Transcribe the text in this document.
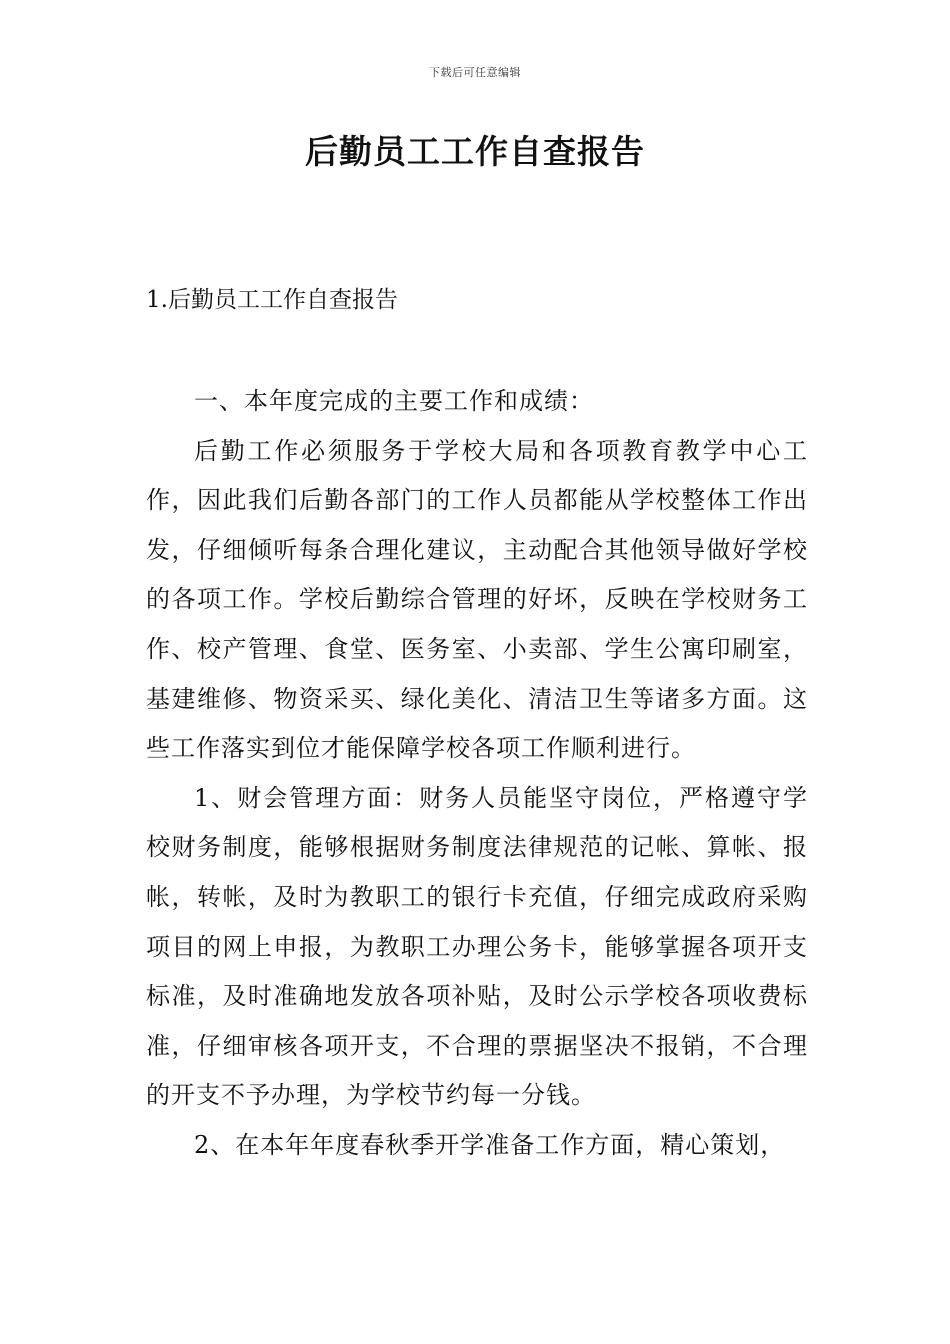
下载后可任意编辑
后勤员工工作自查报告
1.后勤员工工作自查报告

一、本年度完成的主要工作和成绩：

后勤工作必须服务于学校大局和各项教育教学中心工作，因此我们后勤各部门的工作人员都能从学校整体工作出发，仔细倾听每条合理化建议，主动配合其他领导做好学校的各项工作。学校后勤综合管理的好坏，反映在学校财务工作、校产管理、食堂、医务室、小卖部、学生公寓印刷室，基建维修、物资采买、绿化美化、清洁卫生等诸多方面。这些工作落实到位才能保障学校各项工作顺利进行。

1、财会管理方面：财务人员能坚守岗位，严格遵守学校财务制度，能够根据财务制度法律规范的记帐、算帐、报帐，转帐，及时为教职工的银行卡充值，仔细完成政府采购项目的网上申报，为教职工办理公务卡，能够掌握各项开支标准，及时准确地发放各项补贴，及时公示学校各项收费标准，仔细审核各项开支，不合理的票据坚决不报销，不合理的开支不予办理，为学校节约每一分钱。

2、在本年年度春秋季开学准备工作方面，精心策划，
